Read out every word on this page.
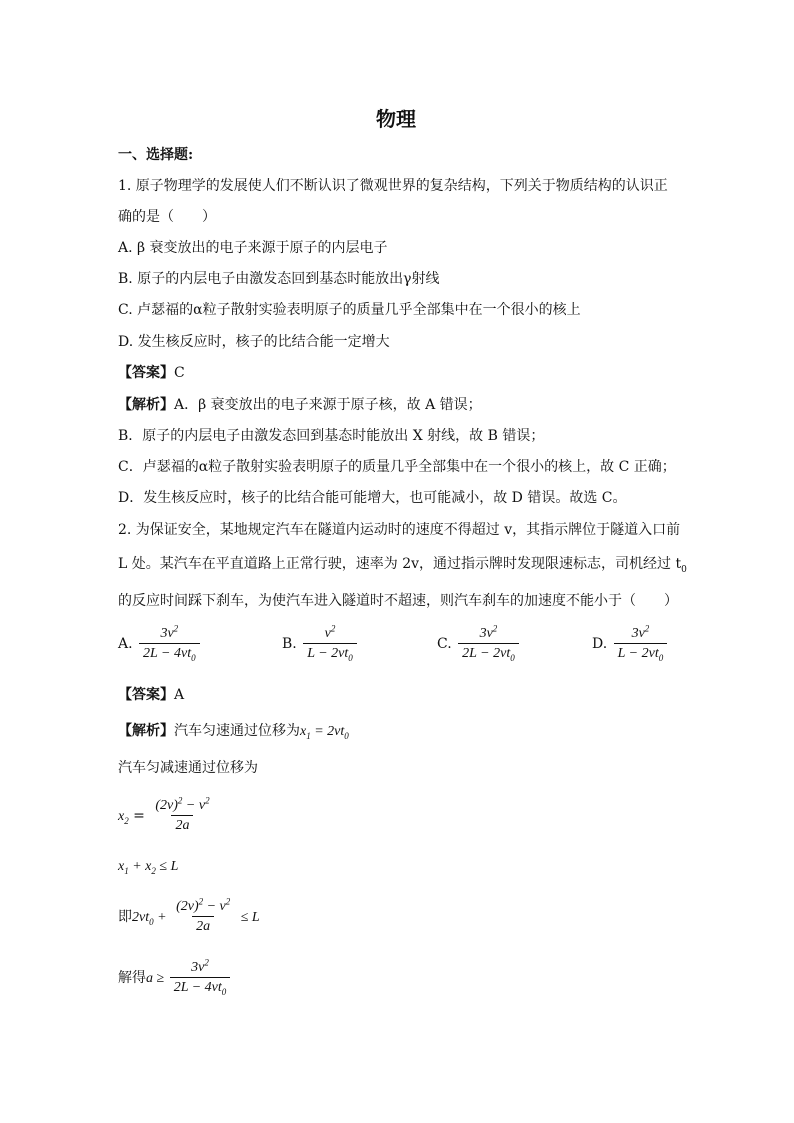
物理
一、选择题:
1. 原子物理学的发展使人们不断认识了微观世界的复杂结构，下列关于物质结构的认识正
确的是（　　）
A. β 衰变放出的电子来源于原子的内层电子
B. 原子的内层电子由激发态回到基态时能放出γ射线
C. 卢瑟福的α粒子散射实验表明原子的质量几乎全部集中在一个很小的核上
D. 发生核反应时，核子的比结合能一定增大
【答案】C
【解析】A．β 衰变放出的电子来源于原子核，故 A 错误；
B．原子的内层电子由激发态回到基态时能放出 X 射线，故 B 错误；
C．卢瑟福的α粒子散射实验表明原子的质量几乎全部集中在一个很小的核上，故 C 正确；
D．发生核反应时，核子的比结合能可能增大，也可能减小，故 D 错误。故选 C。
2. 为保证安全，某地规定汽车在隧道内运动时的速度不得超过 v，其指示牌位于隧道入口前
L 处。某汽车在平直道路上正常行驶，速率为 2v，通过指示牌时发现限速标志，司机经过 $t_0$
的反应时间踩下刹车，为使汽车进入隧道时不超速，则汽车刹车的加速度不能小于（　　）
A. $\frac{3v^2}{2L - 4vt_0}$	B. $\frac{v^2}{L - 2vt_0}$	C. $\frac{3v^2}{2L - 2vt_0}$	D. $\frac{3v^2}{L - 2vt_0}$
【答案】A
【解析】汽车匀速通过位移为$x_1 = 2vt_0$
汽车匀减速通过位移为
$x_2 = \frac{(2v)^2 - v^2}{2a}$
$x_1 + x_2 \le L$
即$2vt_0 + \frac{(2v)^2 - v^2}{2a} \le L$
解得$a \ge \frac{3v^2}{2L - 4vt_0}$
